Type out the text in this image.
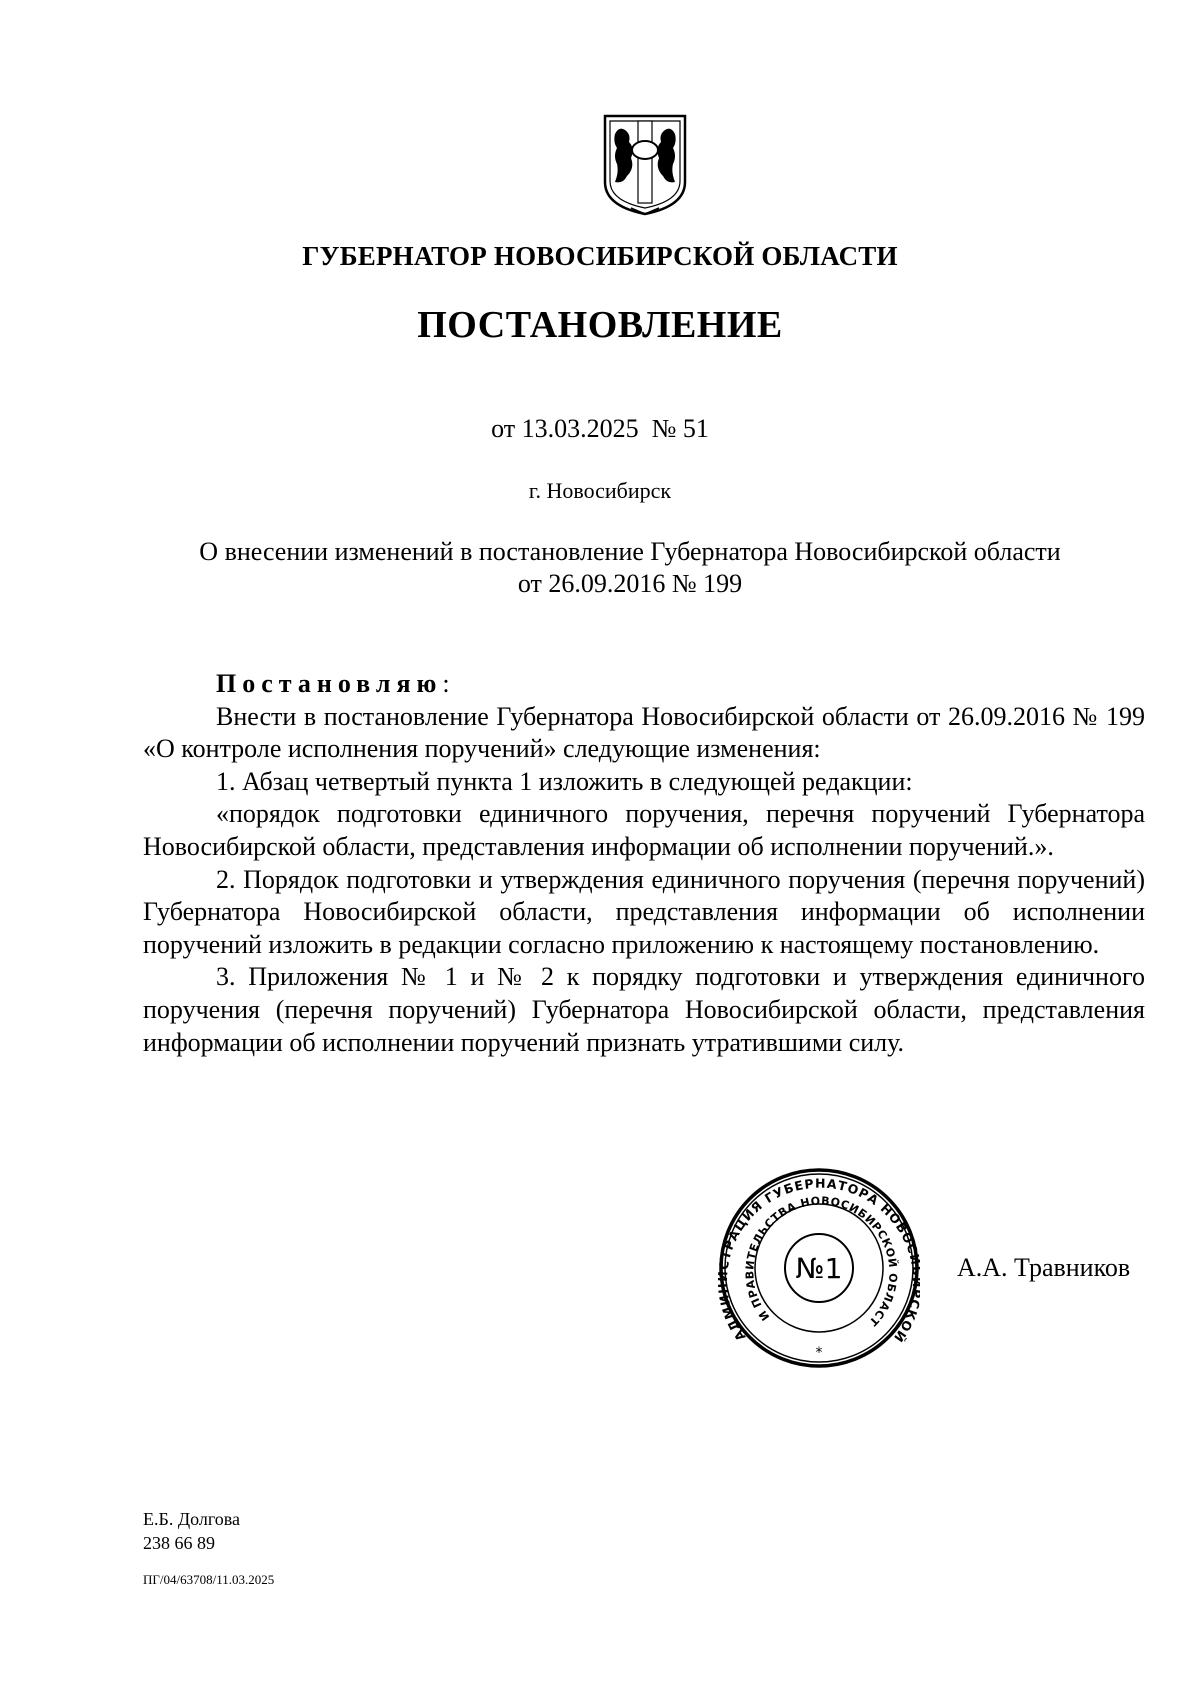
ГУБЕРНАТОР НОВОСИБИРСКОЙ ОБЛАСТИ
ПОСТАНОВЛЕНИЕ
от 13.03.2025  № 51
г. Новосибирск
О внесении изменений в постановление Губернатора Новосибирской области
от 26.09.2016 № 199

Постановляю:

Внести в постановление Губернатора Новосибирской области от 26.09.2016 № 199 «О контроле исполнения поручений» следующие изменения:

1. Абзац четвертый пункта 1 изложить в следующей редакции:

«порядок подготовки единичного поручения, перечня поручений Губернатора Новосибирской области, представления информации об исполнении поручений.».

2. Порядок подготовки и утверждения единичного поручения (перечня поручений) Губернатора Новосибирской области, представления информации об исполнении поручений изложить в редакции согласно приложению к настоящему постановлению.

3. Приложения № 1 и № 2 к порядку подготовки и утверждения единичного поручения (перечня поручений) Губернатора Новосибирской области, представления информации об исполнении поручений признать утратившими силу.

АДМ ТРАЦИЯ ГУБЕРНАТОРА НОВОС КОЙ
И ПРАВИТЕЛЬСТВА НОВОСИБИРСКОЙ ОБЛАСТ
№1
*
А.А. Травников
Е.Б. Долгова
238 66 89
ПГ/04/63708/11.03.2025
